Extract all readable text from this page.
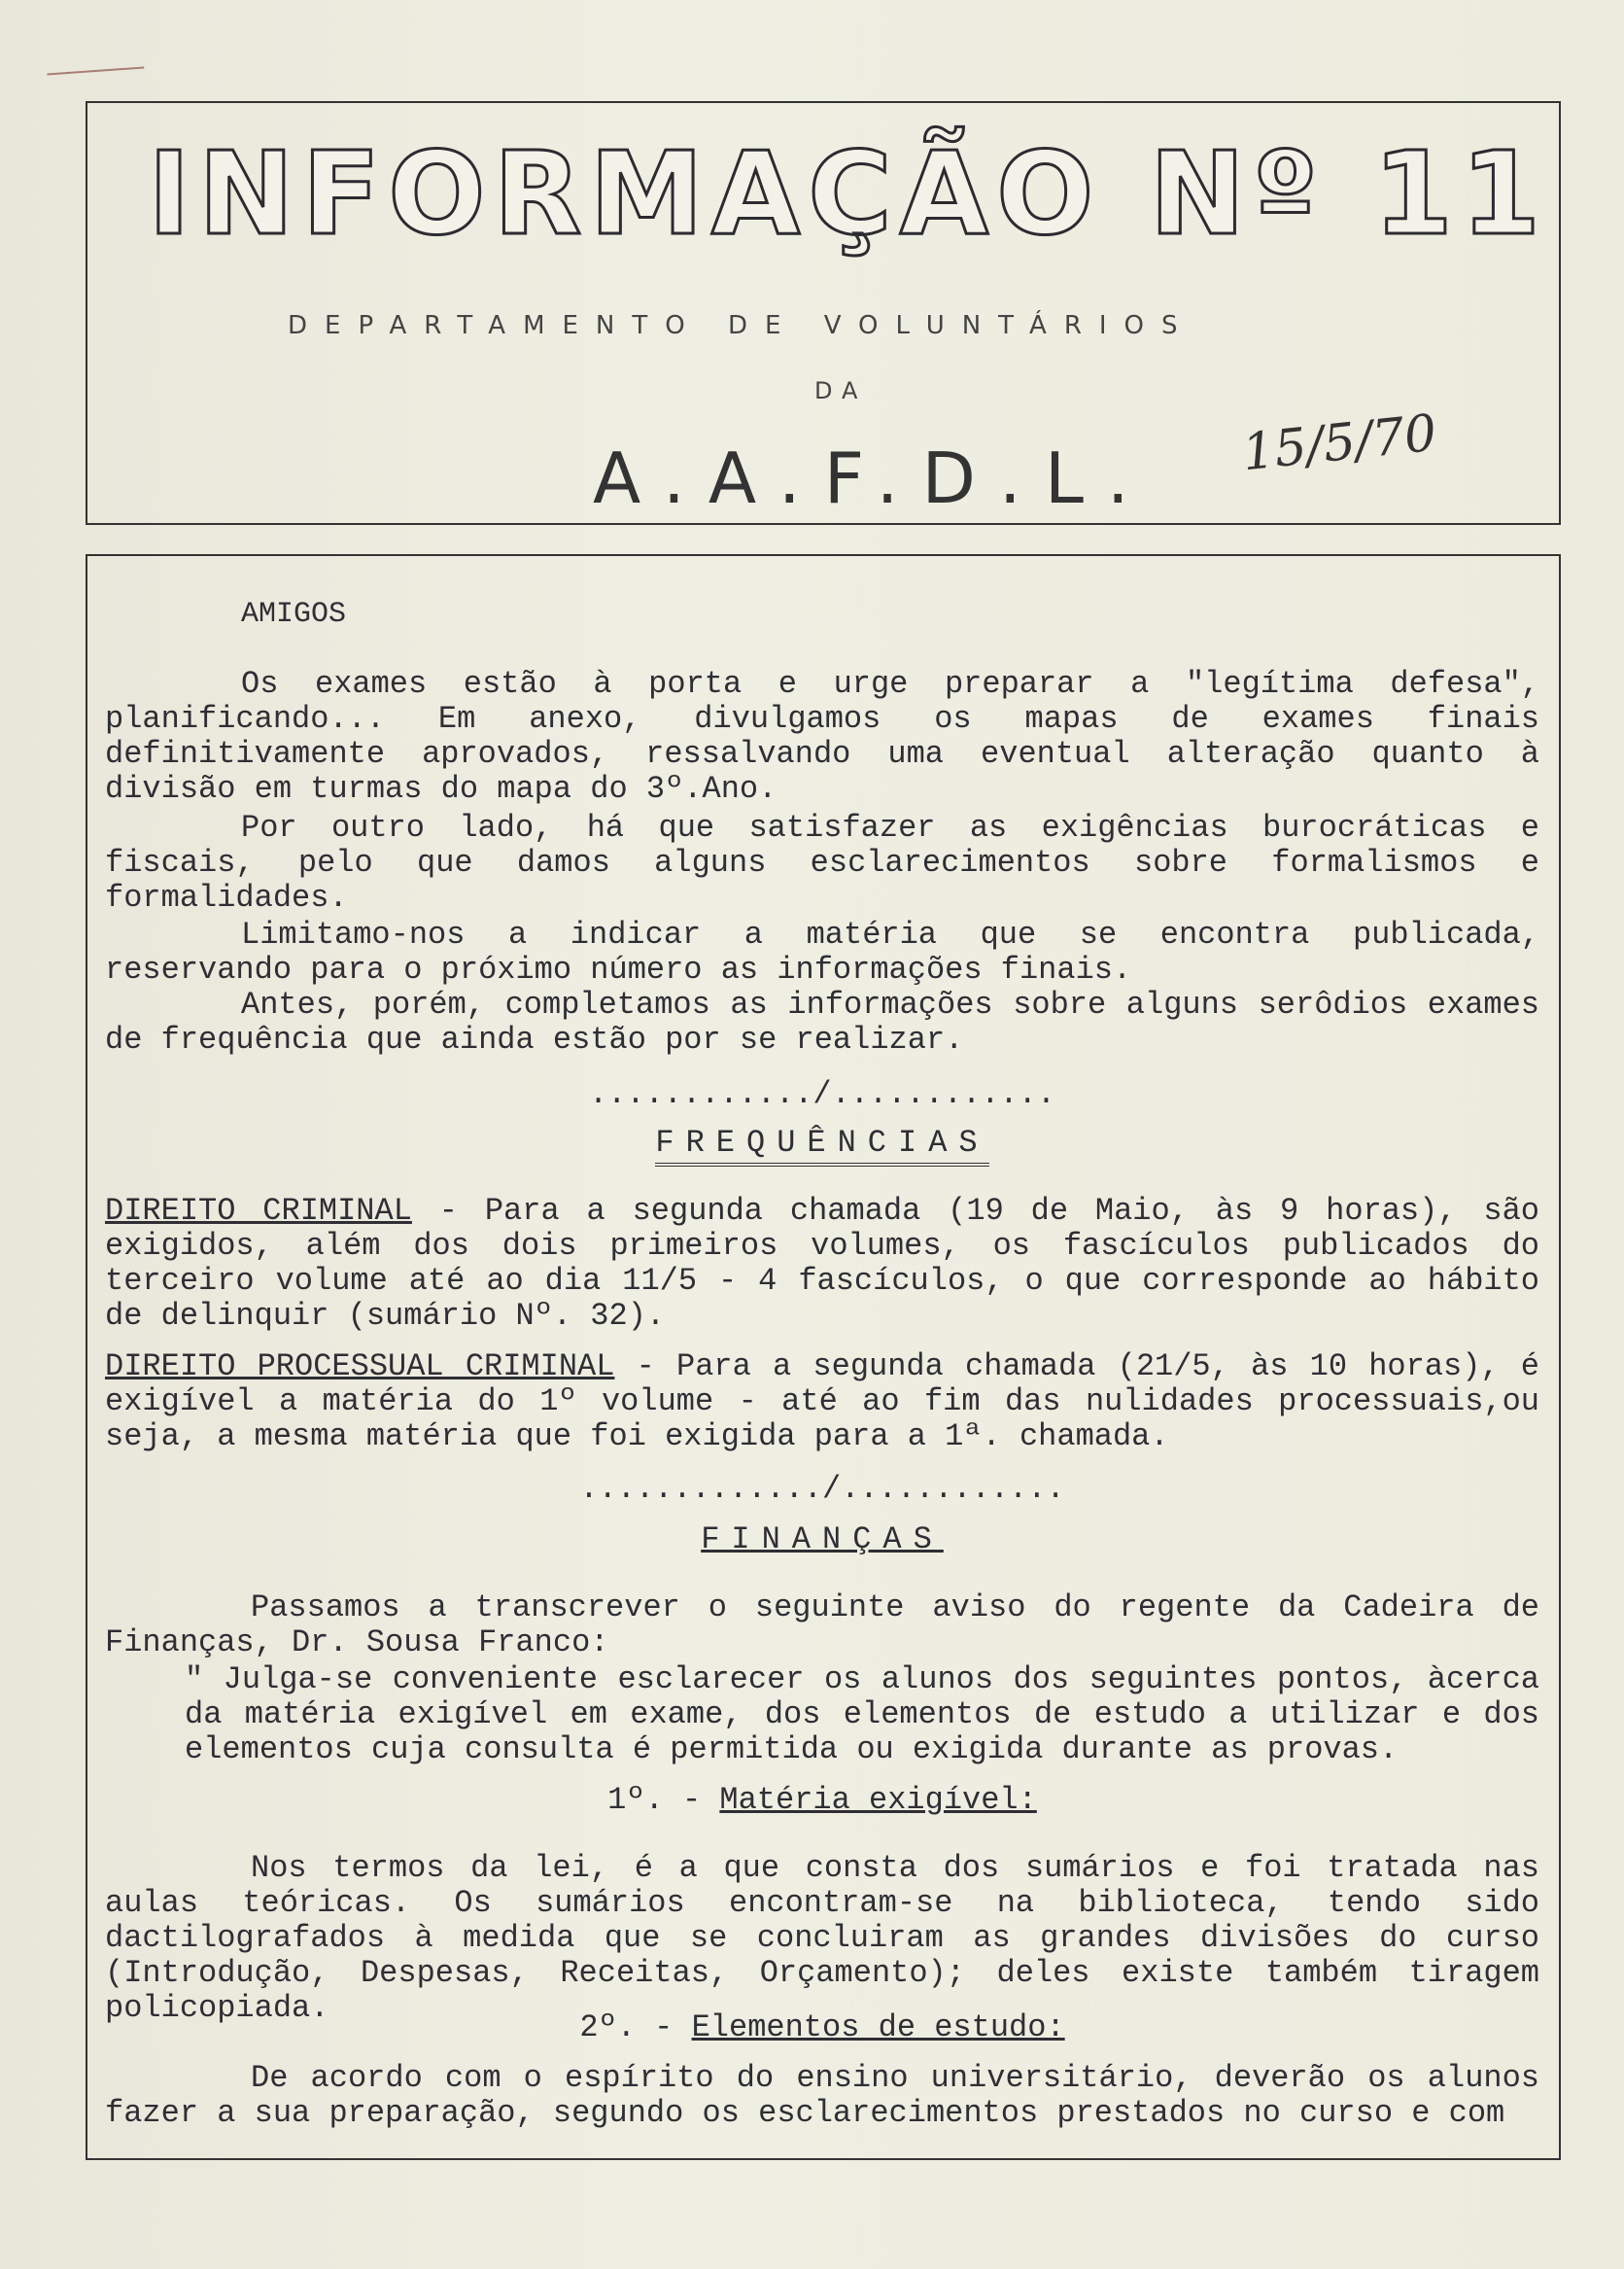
INFORMAÇÃO Nº 11
DEPARTAMENTO DE VOLUNTÁRIOS
DA
A.A.F.D.L. 15/5/70
AMIGOS

Os exames estão à porta e urge preparar a "legítima defesa", planificando... Em anexo, divulgamos os mapas de exames finais definitivamente aprovados, ressalvando uma eventual alteração quanto à divisão em turmas do mapa do 3º.Ano.

Por outro lado, há que satisfazer as exigências burocráticas e fiscais, pelo que damos alguns esclarecimentos sobre formalismos e formalidades.

Limitamo-nos a indicar a matéria que se encontra publicada, reservando para o próximo número as informações finais.

Antes, porém, completamos as informações sobre alguns serôdios exames de frequência que ainda estão por se realizar.

............/............
FREQUÊNCIAS

DIREITO CRIMINAL - Para a segunda chamada (19 de Maio, às 9 horas), são exigidos, além dos dois primeiros volumes, os fascículos publicados do terceiro volume até ao dia 11/5 - 4 fascículos, o que corresponde ao hábito de delinquir (sumário Nº. 32).

DIREITO PROCESSUAL CRIMINAL - Para a segunda chamada (21/5, às 10 horas), é exigível a matéria do 1º volume - até ao fim das nulidades processuais,ou seja, a mesma matéria que foi exigida para a 1ª. chamada.

............./............
FINANÇAS

Passamos a transcrever o seguinte aviso do regente da Cadeira de Finanças, Dr. Sousa Franco:

" Julga-se conveniente esclarecer os alunos dos seguintes pontos, àcerca da matéria exigível em exame, dos elementos de estudo a utilizar e dos elementos cuja consulta é permitida ou exigida durante as provas.

1º. - Matéria exigível:

Nos termos da lei, é a que consta dos sumários e foi tratada nas aulas teóricas. Os sumários encontram-se na biblioteca, tendo sido dactilografados à medida que se concluiram as grandes divisões do curso (Introdução, Despesas, Receitas, Orçamento); deles existe também tiragem policopiada.

2º. - Elementos de estudo:

De acordo com o espírito do ensino universitário, deverão os alunos fazer a sua preparação, segundo os esclarecimentos prestados no curso e com
